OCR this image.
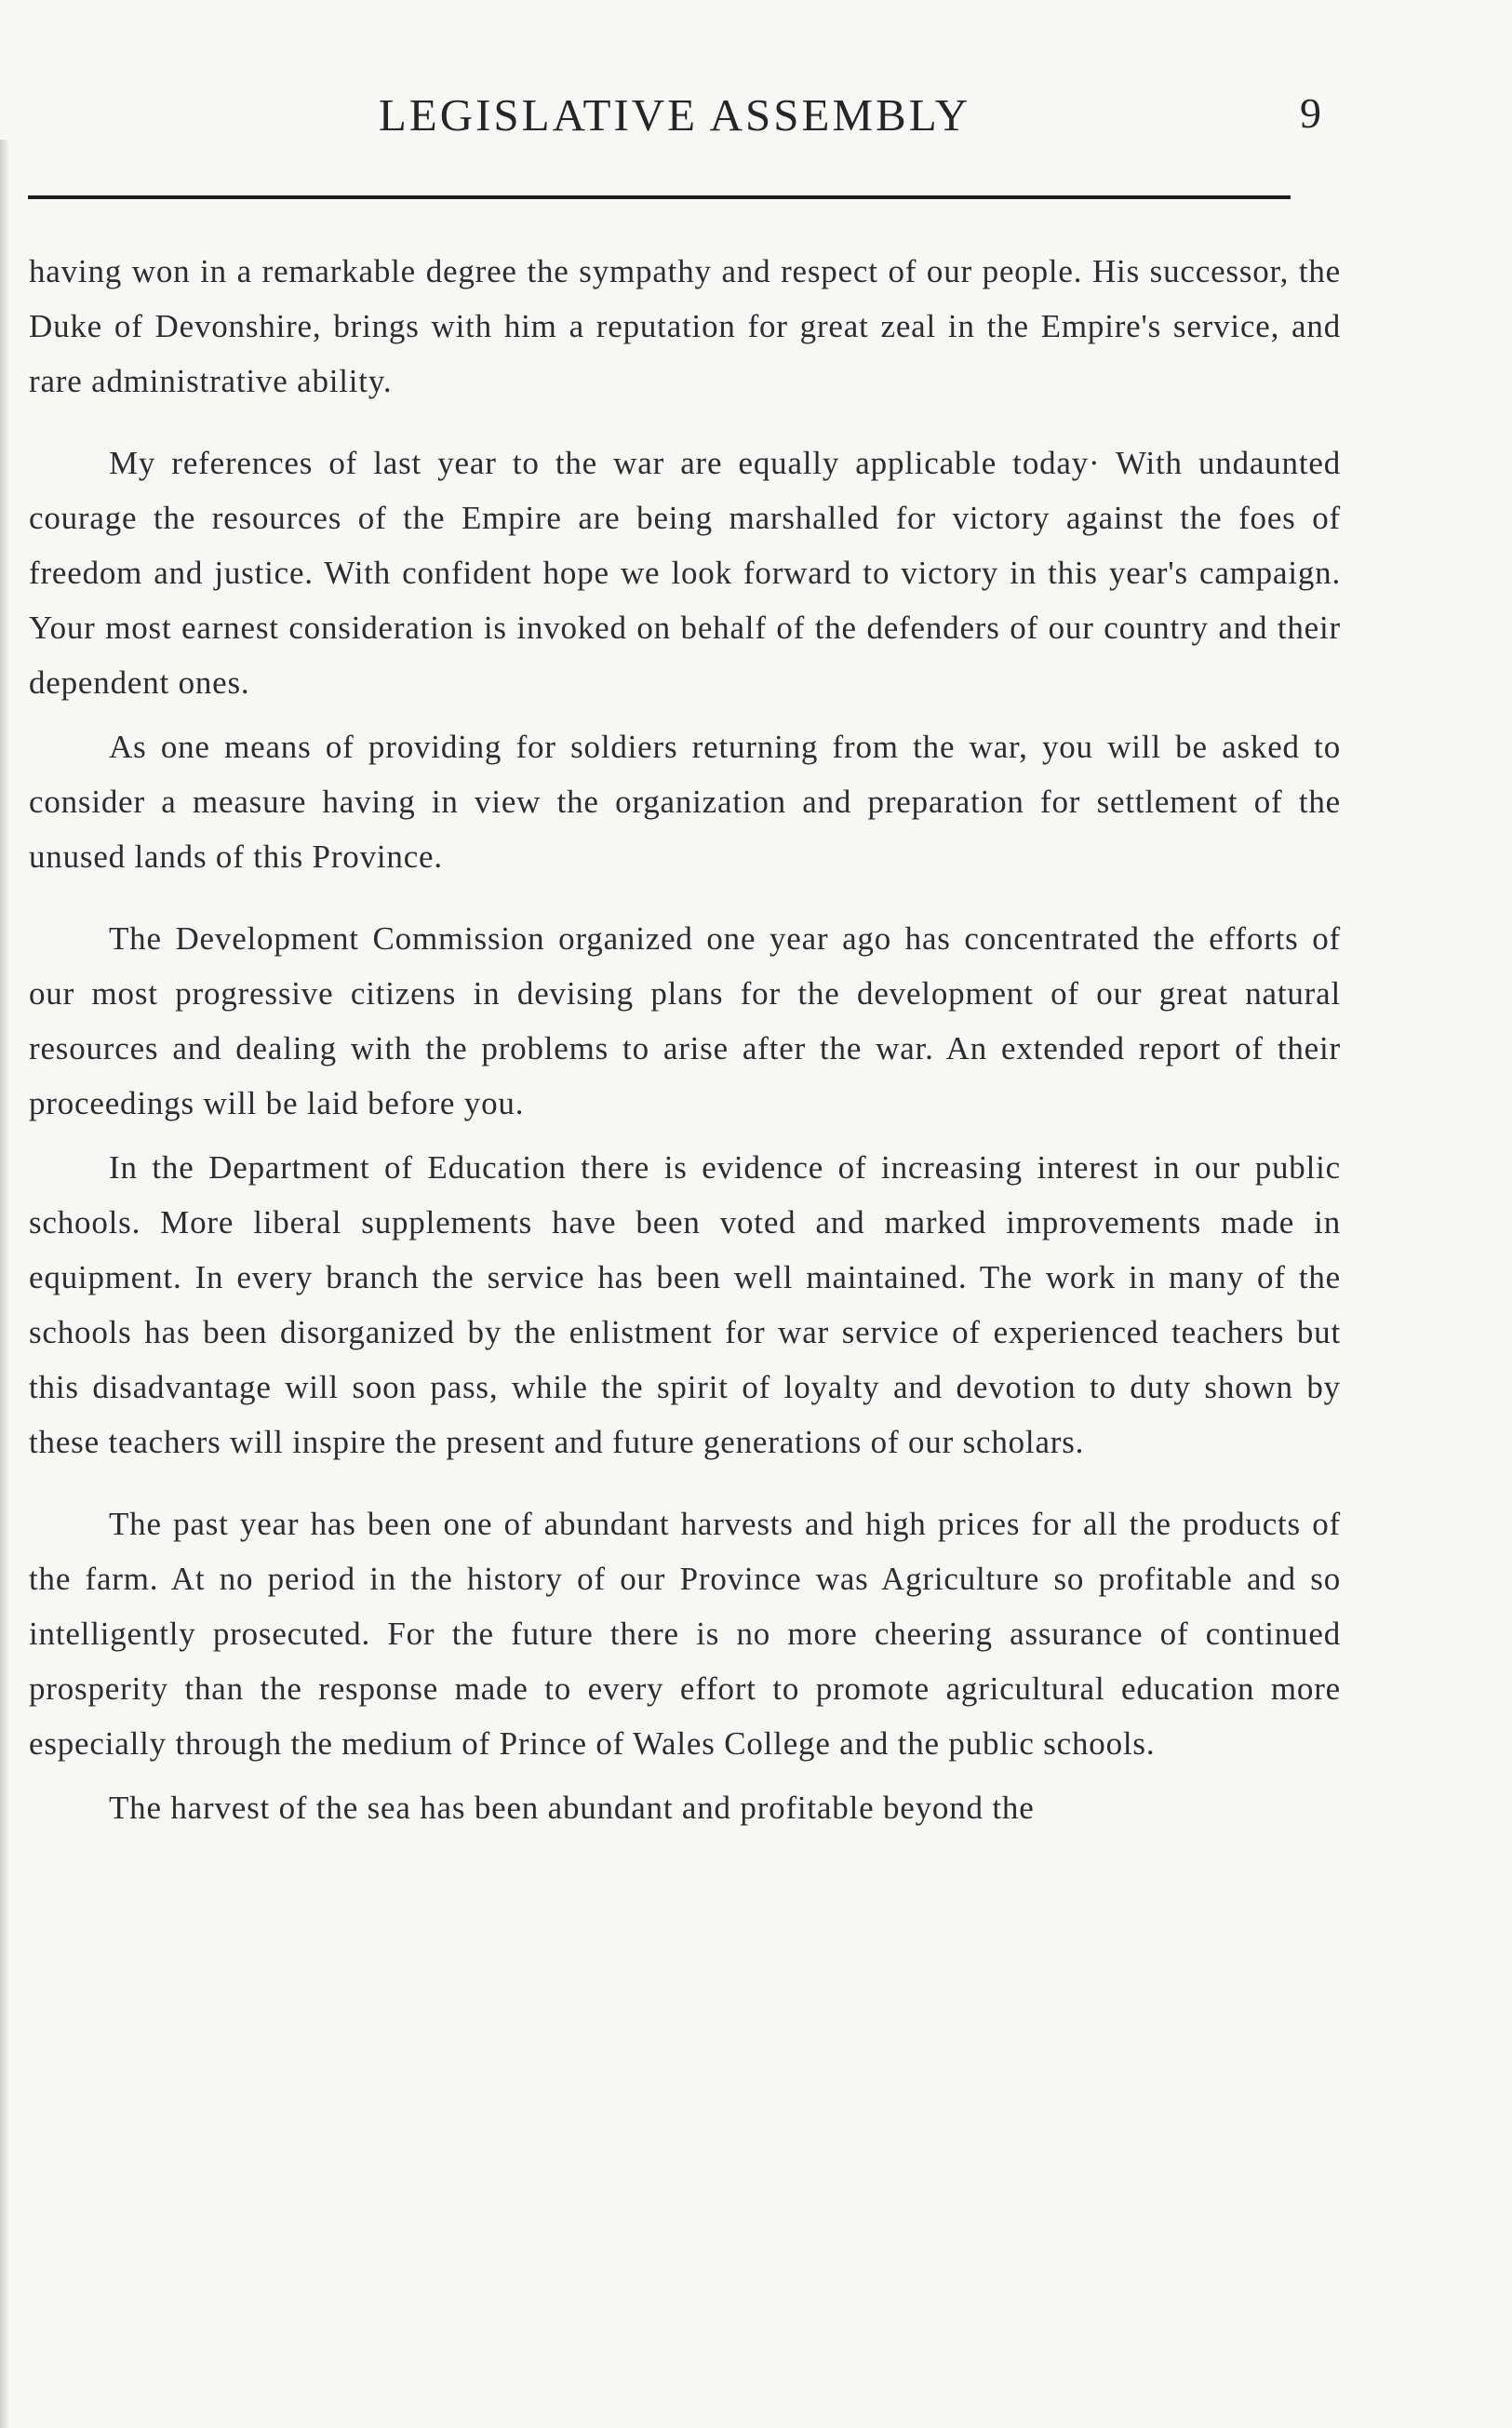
LEGISLATIVE ASSEMBLY	9

having won in a remarkable degree the sympathy and respect of our people. His successor, the Duke of Devonshire, brings with him a reputation for great zeal in the Empire's service, and rare administrative ability.

My references of last year to the war are equally applicable today· With undaunted courage the resources of the Empire are being marshalled for victory against the foes of freedom and justice. With confident hope we look forward to victory in this year's campaign. Your most earnest consideration is invoked on behalf of the defenders of our country and their dependent ones.

As one means of providing for soldiers returning from the war, you will be asked to consider a measure having in view the organization and preparation for settlement of the unused lands of this Province.

The Development Commission organized one year ago has concentrated the efforts of our most progressive citizens in devising plans for the development of our great natural resources and dealing with the problems to arise after the war. An extended report of their proceedings will be laid before you.

In the Department of Education there is evidence of increasing interest in our public schools. More liberal supplements have been voted and marked improvements made in equipment. In every branch the service has been well maintained. The work in many of the schools has been disorganized by the enlistment for war service of experienced teachers but this disadvantage will soon pass, while the spirit of loyalty and devotion to duty shown by these teachers will inspire the present and future generations of our scholars.

The past year has been one of abundant harvests and high prices for all the products of the farm. At no period in the history of our Province was Agriculture so profitable and so intelligently prosecuted. For the future there is no more cheering assurance of continued prosperity than the response made to every effort to promote agricultural education more especially through the medium of Prince of Wales College and the public schools.

The harvest of the sea has been abundant and profitable beyond the
